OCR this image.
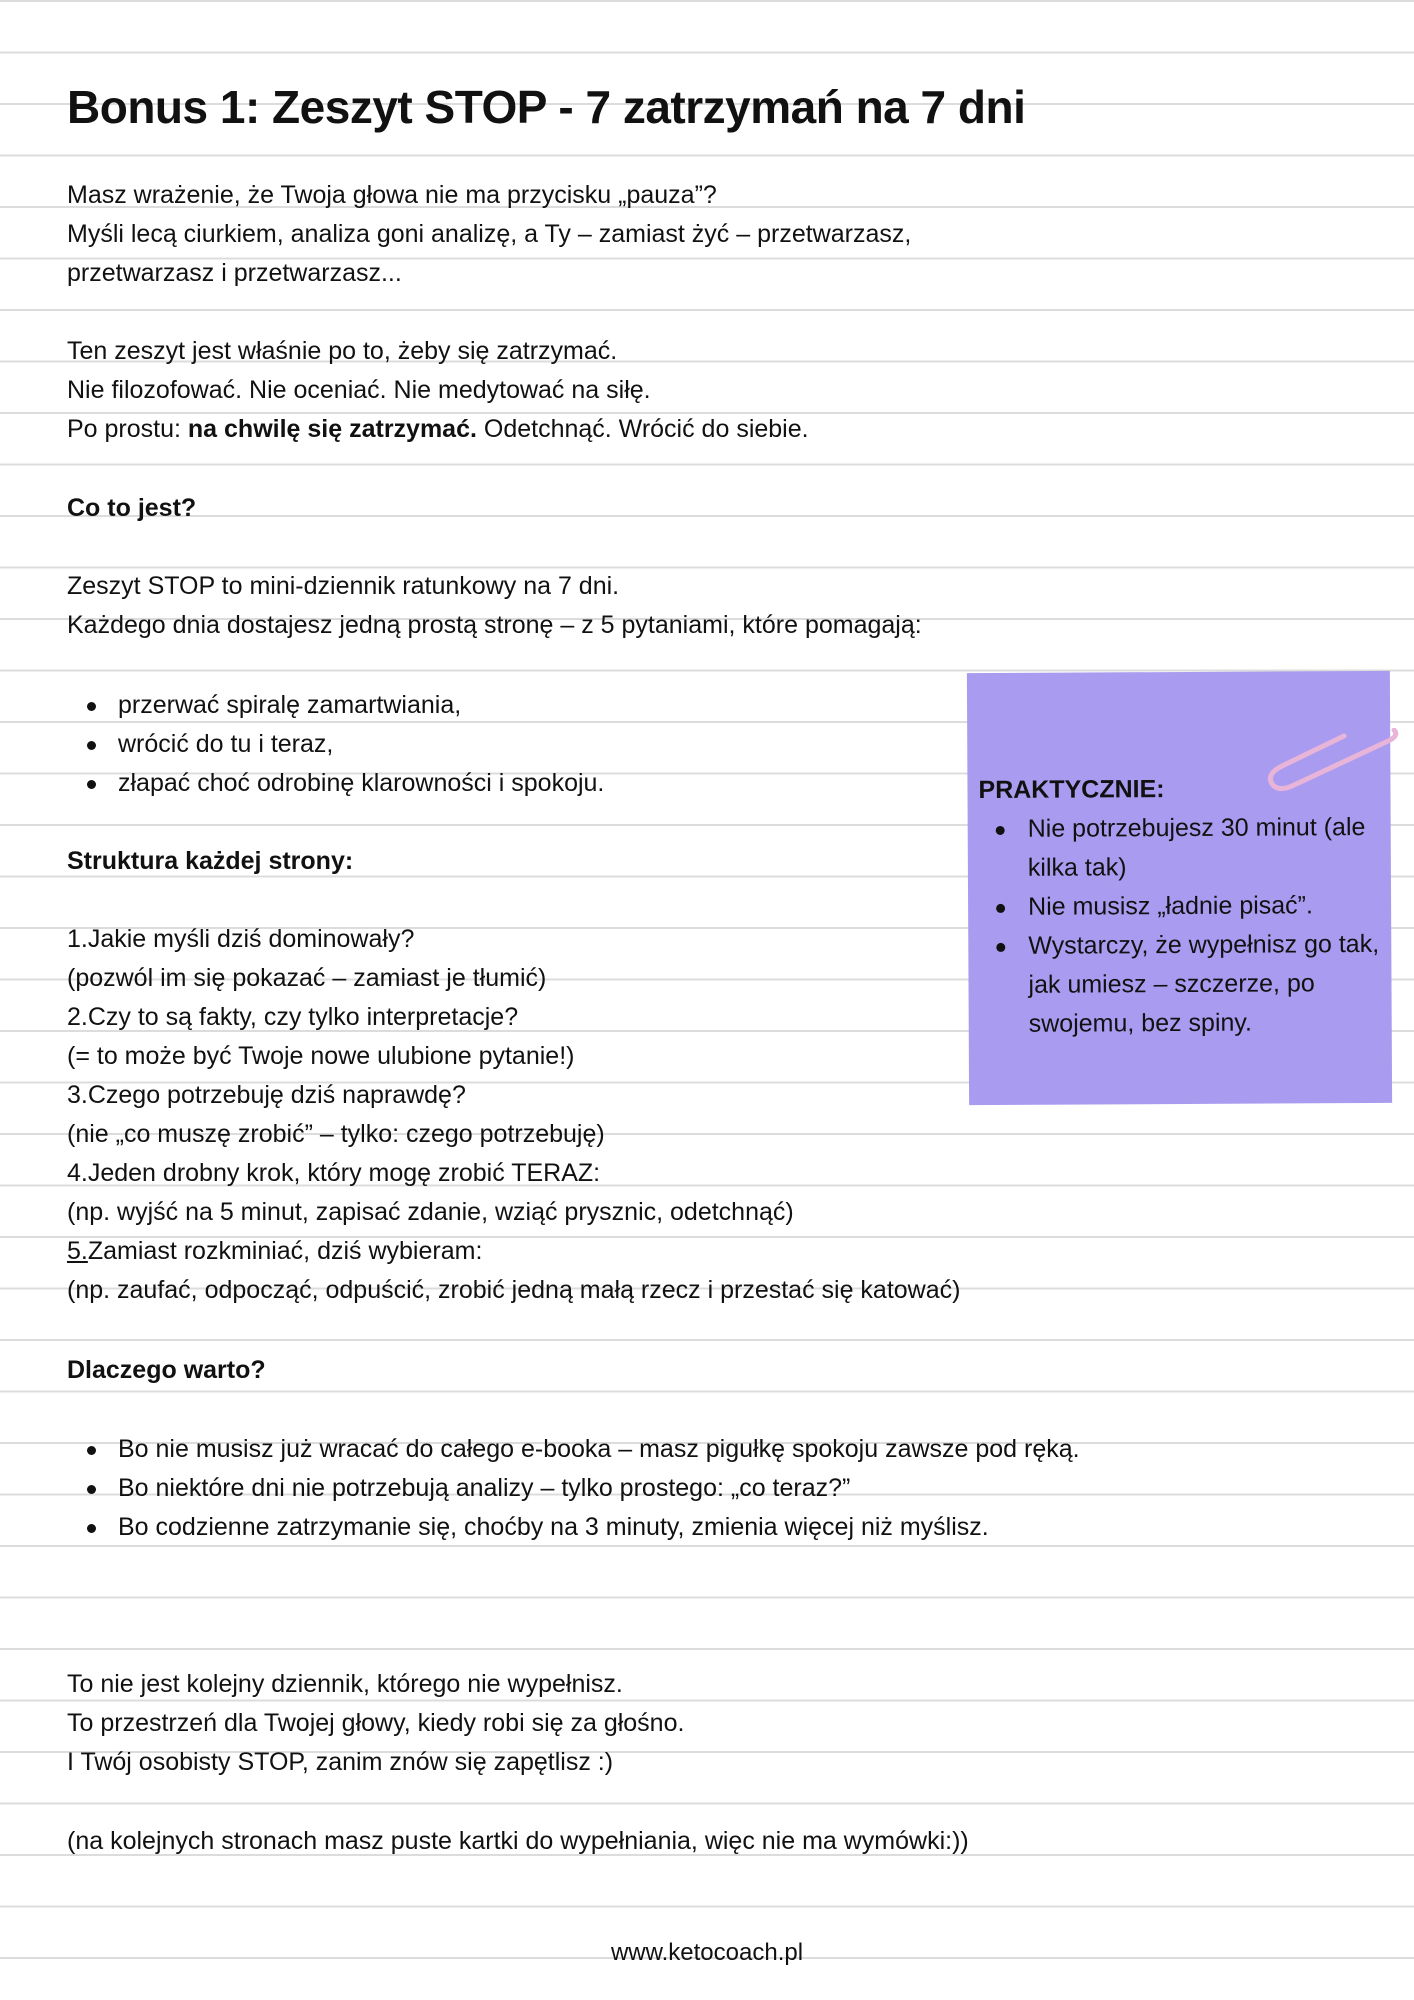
Bonus 1: Zeszyt STOP - 7 zatrzymań na 7 dni
Masz wrażenie, że Twoja głowa nie ma przycisku „pauza”?
Myśli lecą ciurkiem, analiza goni analizę, a Ty – zamiast żyć – przetwarzasz,
przetwarzasz i przetwarzasz...
Ten zeszyt jest właśnie po to, żeby się zatrzymać.
Nie filozofować. Nie oceniać. Nie medytować na siłę.
Po prostu: na chwilę się zatrzymać. Odetchnąć. Wrócić do siebie.
Co to jest?
Zeszyt STOP to mini-dziennik ratunkowy na 7 dni.
Każdego dnia dostajesz jedną prostą stronę – z 5 pytaniami, które pomagają:
przerwać spiralę zamartwiania,
wrócić do tu i teraz,
złapać choć odrobinę klarowności i spokoju.
Struktura każdej strony:
1.Jakie myśli dziś dominowały?
(pozwól im się pokazać – zamiast je tłumić)
2.Czy to są fakty, czy tylko interpretacje?
(= to może być Twoje nowe ulubione pytanie!)
3.Czego potrzebuję dziś naprawdę?
(nie „co muszę zrobić” – tylko: czego potrzebuję)
4.Jeden drobny krok, który mogę zrobić TERAZ:
(np. wyjść na 5 minut, zapisać zdanie, wziąć prysznic, odetchnąć)
5.Zamiast rozkminiać, dziś wybieram:
(np. zaufać, odpocząć, odpuścić, zrobić jedną małą rzecz i przestać się katować)
Dlaczego warto?
Bo nie musisz już wracać do całego e-booka – masz pigułkę spokoju zawsze pod ręką.
Bo niektóre dni nie potrzebują analizy – tylko prostego: „co teraz?”
Bo codzienne zatrzymanie się, choćby na 3 minuty, zmienia więcej niż myślisz.
To nie jest kolejny dziennik, którego nie wypełnisz.
To przestrzeń dla Twojej głowy, kiedy robi się za głośno.
I Twój osobisty STOP, zanim znów się zapętlisz :)
(na kolejnych stronach masz puste kartki do wypełniania, więc nie ma wymówki:))
PRAKTYCZNIE:
Nie potrzebujesz 30 minut (ale kilka tak)
Nie musisz „ładnie pisać”.
Wystarczy, że wypełnisz go tak, jak umiesz – szczerze, po swojemu, bez spiny.
www.ketocoach.pl
